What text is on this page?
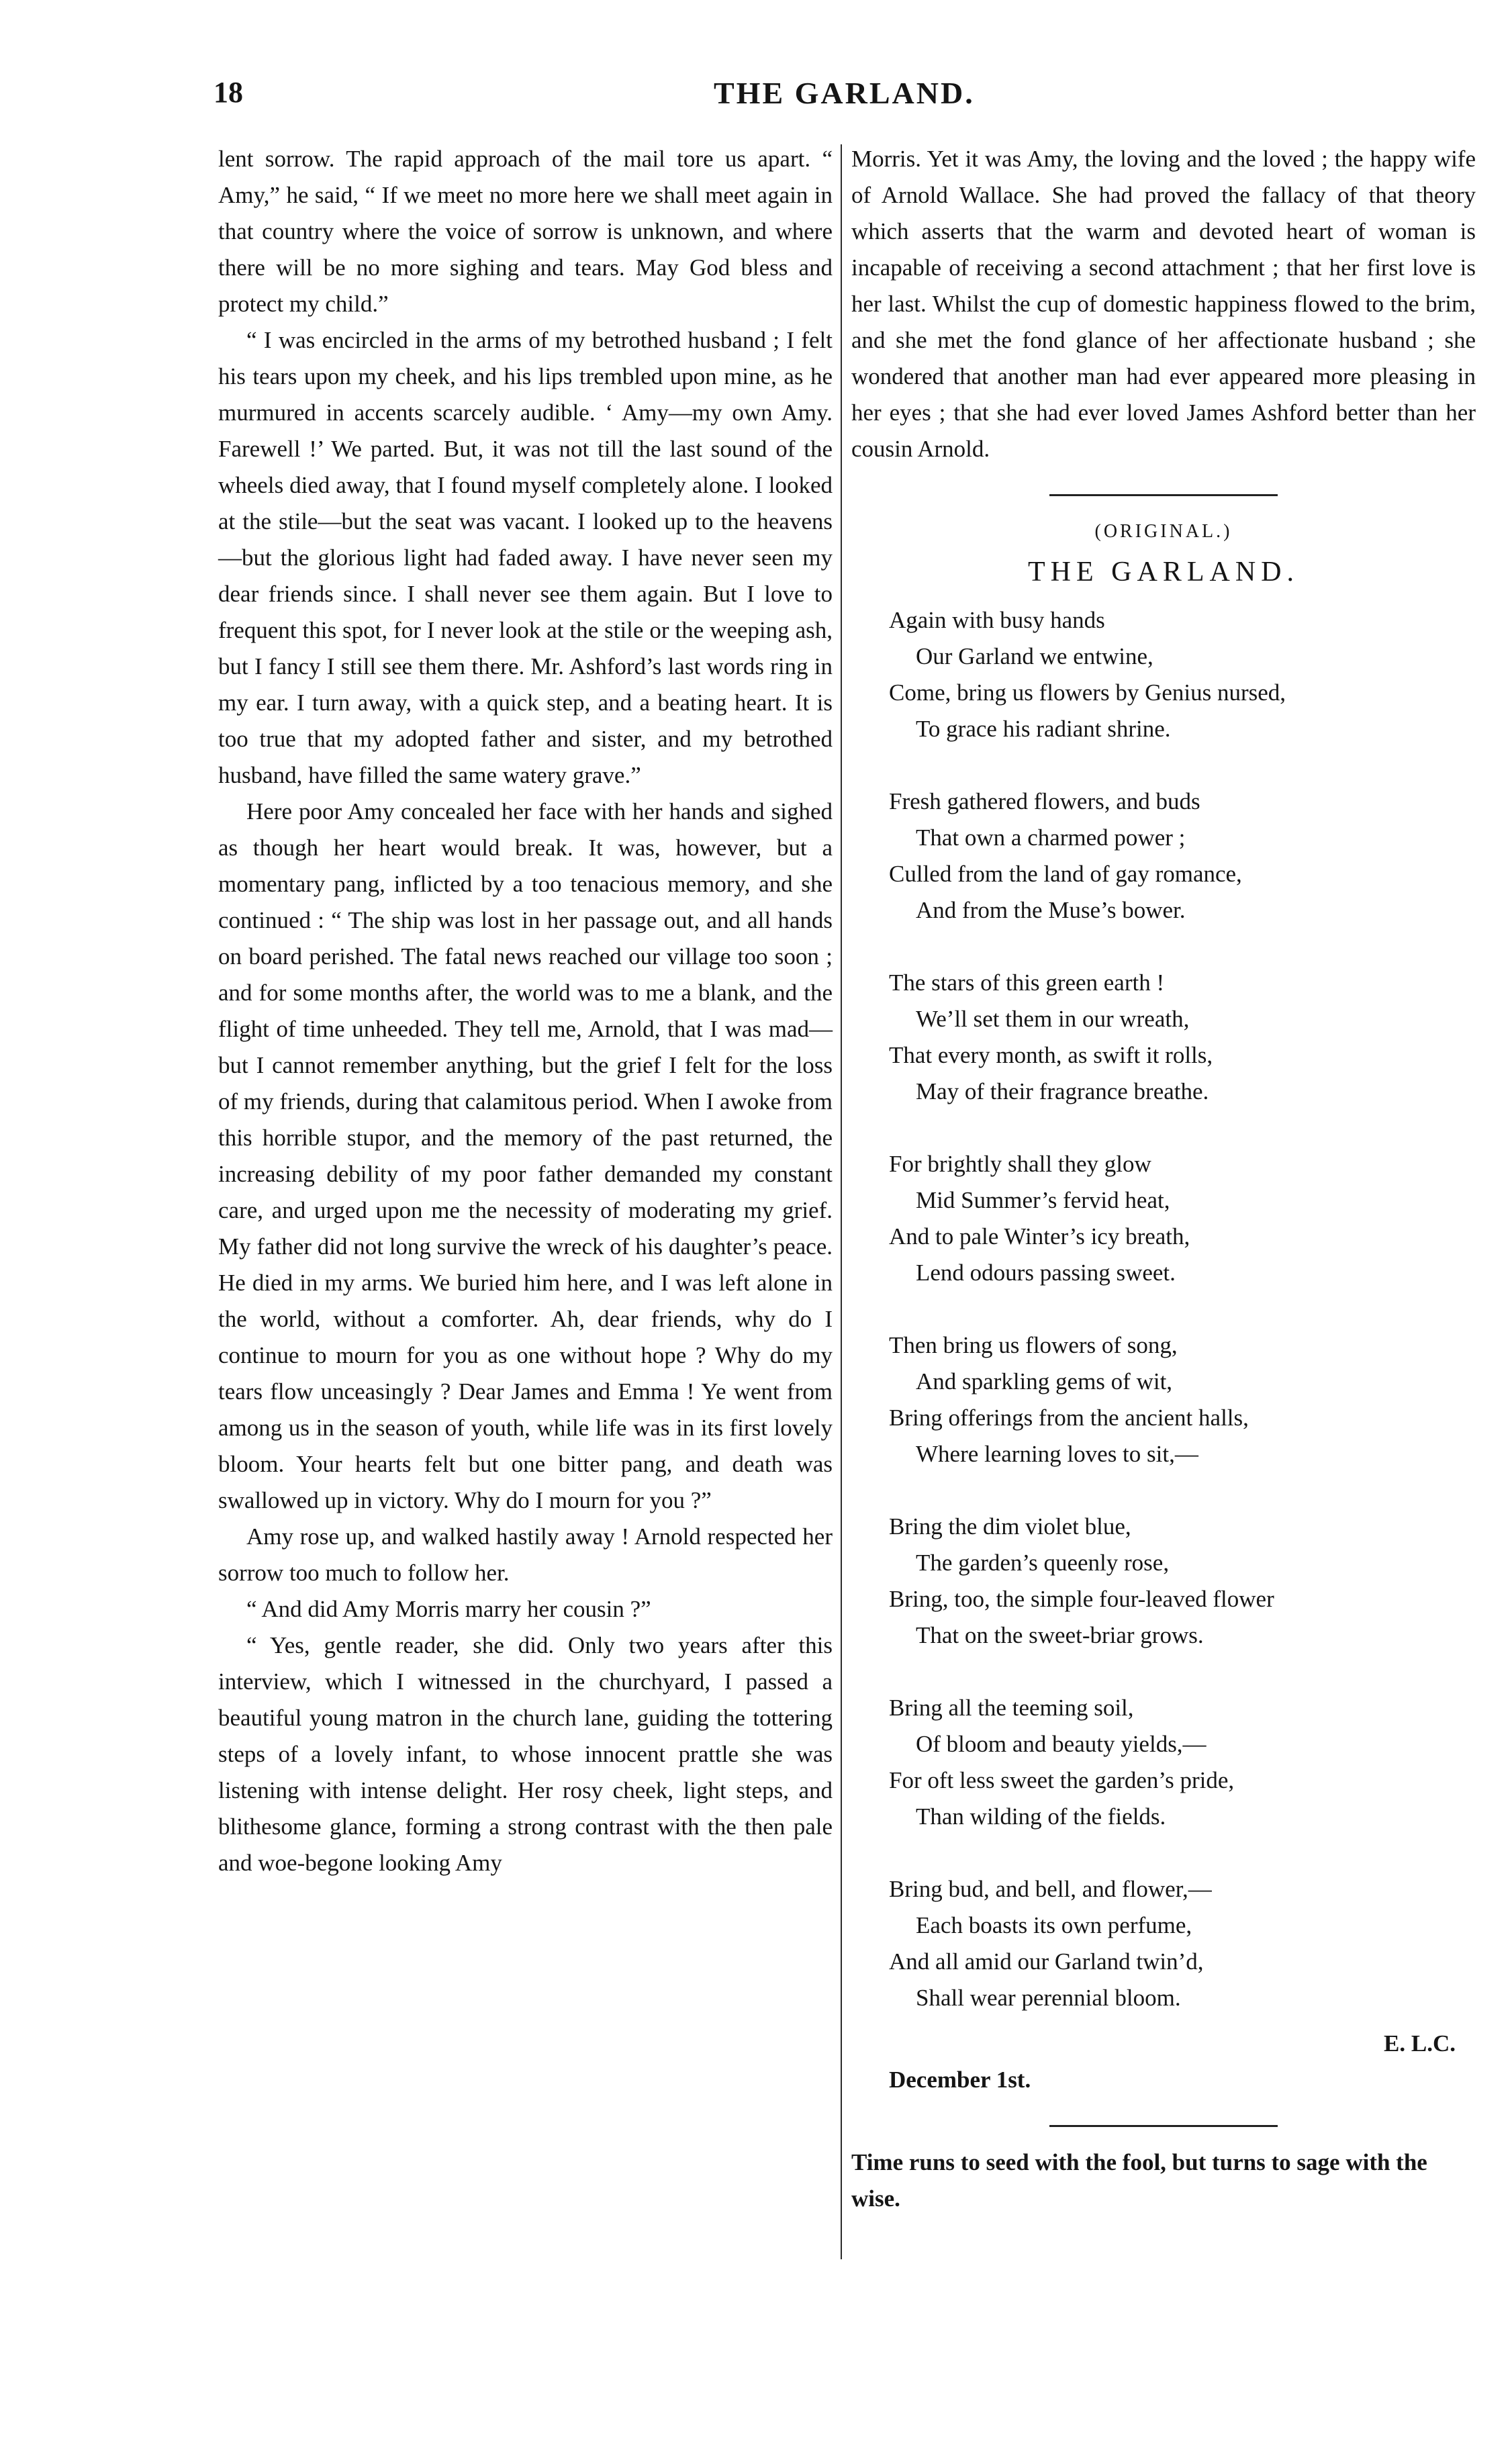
18	THE GARLAND.

lent sorrow. The rapid approach of the mail tore us apart. “ Amy,” he said, “ If we meet no more here we shall meet again in that country where the voice of sorrow is unknown, and where there will be no more sighing and tears. May God bless and protect my child.”

“ I was encircled in the arms of my betrothed husband ; I felt his tears upon my cheek, and his lips trembled upon mine, as he murmured in accents scarcely audible. ‘ Amy—my own Amy. Farewell !’ We parted. But, it was not till the last sound of the wheels died away, that I found myself completely alone. I looked at the stile—but the seat was vacant. I looked up to the heavens—but the glorious light had faded away. I have never seen my dear friends since. I shall never see them again. But I love to frequent this spot, for I never look at the stile or the weeping ash, but I fancy I still see them there. Mr. Ashford’s last words ring in my ear. I turn away, with a quick step, and a beating heart. It is too true that my adopted father and sister, and my betrothed husband, have filled the same watery grave.”

Here poor Amy concealed her face with her hands and sighed as though her heart would break. It was, however, but a momentary pang, inflicted by a too tenacious memory, and she continued : “ The ship was lost in her passage out, and all hands on board perished. The fatal news reached our village too soon ; and for some months after, the world was to me a blank, and the flight of time unheeded. They tell me, Arnold, that I was mad—but I cannot remember anything, but the grief I felt for the loss of my friends, during that calamitous period. When I awoke from this horrible stupor, and the memory of the past returned, the increasing debility of my poor father demanded my constant care, and urged upon me the necessity of moderating my grief. My father did not long survive the wreck of his daughter’s peace. He died in my arms. We buried him here, and I was left alone in the world, without a comforter. Ah, dear friends, why do I continue to mourn for you as one without hope ? Why do my tears flow unceasingly ? Dear James and Emma ! Ye went from among us in the season of youth, while life was in its first lovely bloom. Your hearts felt but one bitter pang, and death was swallowed up in victory. Why do I mourn for you ?”

Amy rose up, and walked hastily away ! Arnold respected her sorrow too much to follow her.

“ And did Amy Morris marry her cousin ?”

“ Yes, gentle reader, she did. Only two years after this interview, which I witnessed in the churchyard, I passed a beautiful young matron in the church lane, guiding the tottering steps of a lovely infant, to whose innocent prattle she was listening with intense delight. Her rosy cheek, light steps, and blithesome glance, forming a strong contrast with the then pale and woe-begone looking Amy

Morris. Yet it was Amy, the loving and the loved ; the happy wife of Arnold Wallace. She had proved the fallacy of that theory which asserts that the warm and devoted heart of woman is incapable of receiving a second attachment ; that her first love is her last. Whilst the cup of domestic happiness flowed to the brim, and she met the fond glance of her affectionate husband ; she wondered that another man had ever appeared more pleasing in her eyes ; that she had ever loved James Ashford better than her cousin Arnold.

(ORIGINAL.)
THE GARLAND.
Again with busy hands
Our Garland we entwine,
Come, bring us flowers by Genius nursed,
To grace his radiant shrine.
Fresh gathered flowers, and buds
That own a charmed power ;
Culled from the land of gay romance,
And from the Muse’s bower.
The stars of this green earth !
We’ll set them in our wreath,
That every month, as swift it rolls,
May of their fragrance breathe.
For brightly shall they glow
Mid Summer’s fervid heat,
And to pale Winter’s icy breath,
Lend odours passing sweet.
Then bring us flowers of song,
And sparkling gems of wit,
Bring offerings from the ancient halls,
Where learning loves to sit,—
Bring the dim violet blue,
The garden’s queenly rose,
Bring, too, the simple four-leaved flower
That on the sweet-briar grows.
Bring all the teeming soil,
Of bloom and beauty yields,—
For oft less sweet the garden’s pride,
Than wilding of the fields.
Bring bud, and bell, and flower,—
Each boasts its own perfume,
And all amid our Garland twin’d,
Shall wear perennial bloom.
E. L.C.
December 1st.

Time runs to seed with the fool, but turns to sage with the wise.
